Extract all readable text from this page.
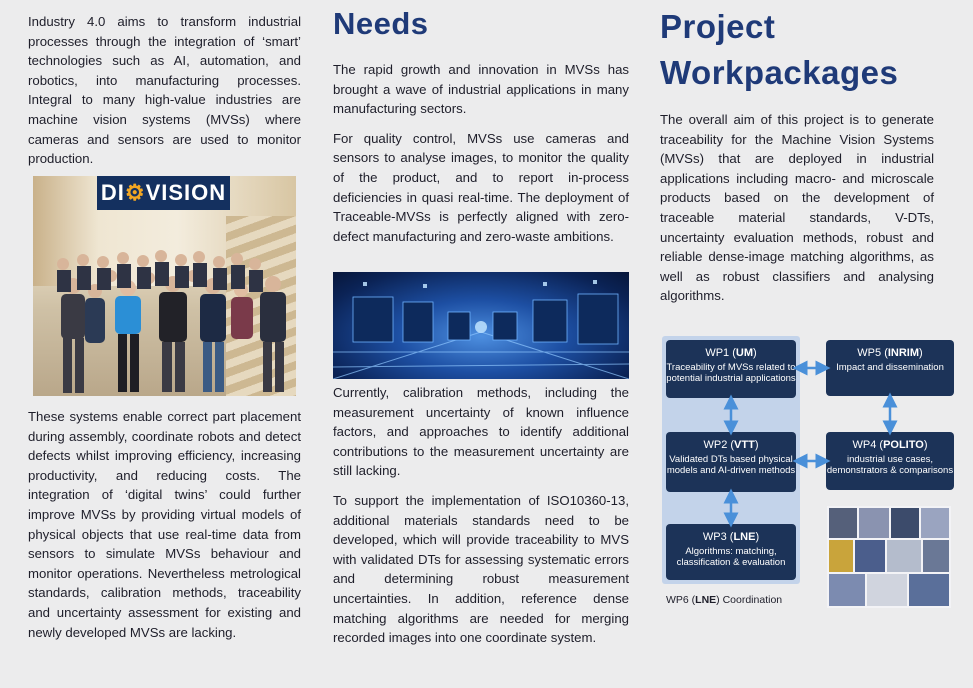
Industry 4.0 aims to transform industrial processes through the integration of ‘smart’ technologies such as AI, automation, and robotics, into manufacturing processes. Integral to many high-value industries are machine vision systems (MVSs) where cameras and sensors are used to monitor production.

DI ⚙ VISION

These systems enable correct part placement during assembly, coordinate robots and detect defects whilst improving efficiency, increasing productivity, and reducing costs. The integration of ‘digital twins’ could further improve MVSs by providing virtual models of physical objects that use real-time data from sensors to simulate MVSs behaviour and monitor operations. Nevertheless metrological standards, calibration methods, traceability and uncertainty assessment for existing and newly developed MVSs are lacking.

Needs

The rapid growth and innovation in MVSs has brought a wave of industrial applications in many manufacturing sectors.

For quality control, MVSs use cameras and sensors to analyse images, to monitor the quality of the product, and to report in-process deficiencies in quasi real-time. The deployment of Traceable-MVSs is perfectly aligned with zero-defect manufacturing and zero-waste ambitions.

Currently, calibration methods, including the measurement uncertainty of known influence factors, and approaches to identify additional contributions to the measurement uncertainty are still lacking.

To support the implementation of ISO10360-13, additional materials standards need to be developed, which will provide traceability to MVS with validated DTs for assessing systematic errors and determining robust measurement uncertainties. In addition, reference dense matching algorithms are needed for merging recorded images into one coordinate system.

Project
Workpackages

The overall aim of this project is to generate traceability for the Machine Vision Systems (MVSs) that are deployed in industrial applications including macro- and microscale products based on the development of traceable material standards, V-DTs, uncertainty evaluation methods, robust and reliable dense-image matching algorithms, as well as robust classifiers and analysing algorithms.

WP1 (UM)
Traceability of MVSs related to potential industrial applications
WP2 (VTT)
Validated DTs based physical models and AI-driven methods
WP3 (LNE)
Algorithms: matching, classification & evaluation
WP5 (INRIM)
Impact and dissemination
WP4 (POLITO)
industrial use cases, demonstrators & comparisons
WP6 (LNE) Coordination
